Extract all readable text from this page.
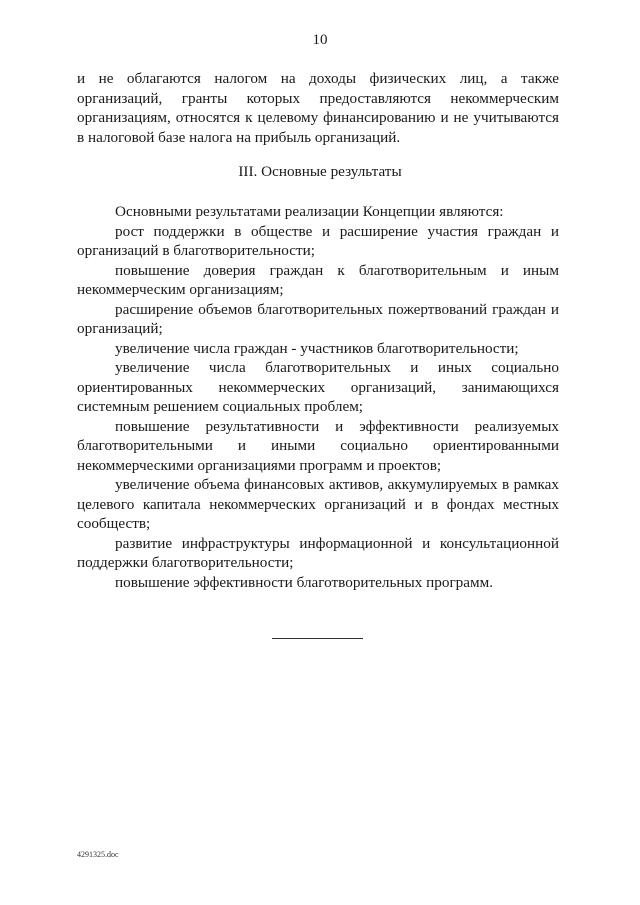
10

и не облагаются налогом на доходы физических лиц, а также организаций, гранты которых предоставляются некоммерческим организациям, относятся к целевому финансированию и не учитываются в налоговой базе налога на прибыль организаций.

III. Основные результаты

Основными результатами реализации Концепции являются:

рост поддержки в обществе и расширение участия граждан и организаций в благотворительности;

повышение доверия граждан к благотворительным и иным некоммерческим организациям;

расширение объемов благотворительных пожертвований граждан и организаций;

увеличение числа граждан - участников благотворительности;

увеличение числа благотворительных и иных социально ориентированных некоммерческих организаций, занимающихся системным решением социальных проблем;

повышение результативности и эффективности реализуемых благотворительными и иными социально ориентированными некоммерческими организациями программ и проектов;

увеличение объема финансовых активов, аккумулируемых в рамках целевого капитала некоммерческих организаций и в фондах местных сообществ;

развитие инфраструктуры информационной и консультационной поддержки благотворительности;

повышение эффективности благотворительных программ.

4291325.doc
